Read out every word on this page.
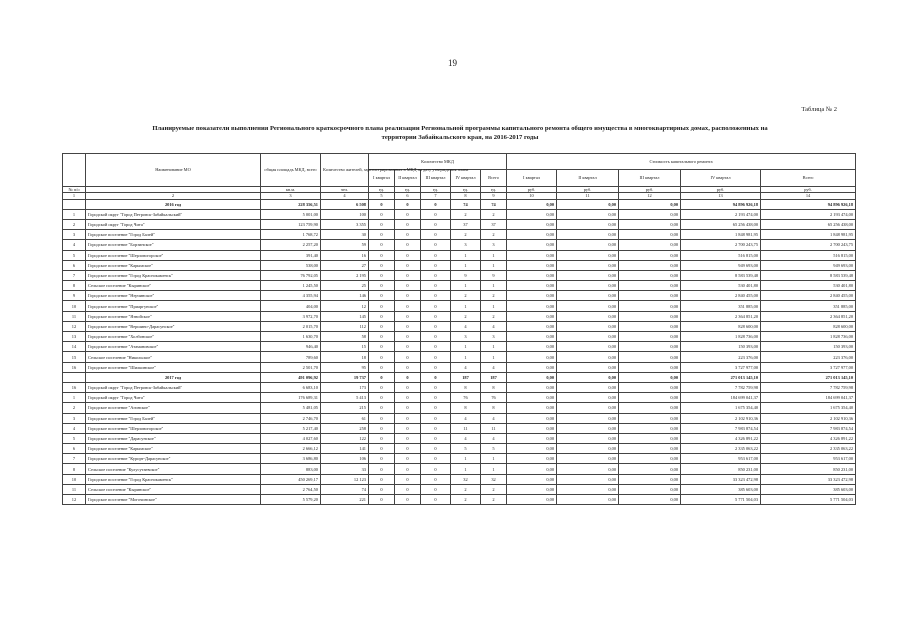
19
Таблица № 2
Планируемые показатели выполнения Регионального краткосрочного плана реализации Региональной программы капитального ремонта общего имущества в многоквартирных домах, расположенных на
территории Забайкальского края, на 2016-2017 годы
	Наименование МО	общая площадь МКД, всего	Количество жителей, зарегистрированных в МКД на дату утверждения плана	Количество МКД					Стоимость капитального ремонта				
				I квартал	II квартал	III квартал	IV квартал	Всего	I квартал	II квартал	III квартал	IV квартал	Всего
№ п/о		кв.м.	чел.	ед.	ед.	ед.	ед.	ед.	руб.	руб.	руб.	руб.	руб.
1	2	3	4	5	6	7	8	9	10	11	12	13	14
	2016 год	228 356,51	6 508	0	0	0	74	74	0,00	0,00	0,00	94 896 926,18	94 896 926,18
1	Городской округ "Город Петровск-Забайкальский"	5 001,00	100	0	0	0	2	2	0,00	0,00	0,00	2 193 474,00	2 193 474,00
2	Городской округ "Город Чита"	123 759,90	3 355	0	0	0	37	37	0,00	0,00	0,00	65 256 438,00	65 256 438,00
3	Городское поселение "Город Балей"	1 768,72	30	0	0	0	2	2	0,00	0,00	0,00	1 848 981,95	1 848 981,95
4	Городское поселение "Борзинское"	2 257,20	59	0	0	0	3	3	0,00	0,00	0,00	2 700 243,75	2 700 243,75
5	Городское поселение "Шерловогорское"	391,40	16	0	0	0	1	1	0,00	0,00	0,00	516 815,00	516 815,00
6	Городское поселение "Карымское"	538,00	27	0	0	0	1	1	0,00	0,00	0,00	949 693,00	949 693,00
7	Городское поселение "Город Краснокаменск"	76 792,05	2 195	0	0	0	9	9	0,00	0,00	0,00	8 583 539,48	8 583 539,48
8	Сельское поселение "Кыринское"	1 245,50	25	0	0	0	1	1	0,00	0,00	0,00	530 401,80	530 401,80
9	Городское поселение "Нерчинское"	4 355,94	146	0	0	0	2	2	0,00	0,00	0,00	2 840 455,00	2 840 455,00
10	Городское поселение "Приаргунское"	404,00	12	0	0	0	1	1	0,00	0,00	0,00	351 885,00	351 885,00
11	Городское поселение "Язнойское"	3 972,70	145	0	0	0	2	2	0,00	0,00	0,00	2 364 851,20	2 364 851,20
12	Городское поселение "Вершино-Дарасунское"	2 015,70	112	0	0	0	4	4	0,00	0,00	0,00	828 600,00	828 600,00
13	Городское поселение "Холбонское"	1 630,70	58	0	0	0	3	3	0,00	0,00	0,00	1 828 736,00	1 828 736,00
14	Городское поселение "Атамановское"	946,40	15	0	0	0	1	1	0,00	0,00	0,00	150 393,00	150 393,00
15	Сельское поселение "Никольское"	789,60	18	0	0	0	1	1	0,00	0,00	0,00	223 376,00	223 376,00
16	Городское поселение "Шилкинское"	2 501,70	95	0	0	0	4	4	0,00	0,00	0,00	3 727 977,00	3 727 977,00
	2017 год	491 096,92	19 737	0	0	0	187	187	0,00	0,00	0,00	271 013 145,10	271 013 145,10
16	Городской округ "Город Петровск-Забайкальский"	6 683,10	173	0	0	0	8	8	0,00	0,00	0,00	7 782 759,98	7 782 759,98
1	Городской округ "Город Чита"	176 689,31	5 413	0	0	0	76	76	0,00	0,00	0,00	184 699 041,37	184 699 041,37
2	Городское поселение "Агинское"	5 481,05	215	0	0	0	8	8	0,00	0,00	0,00	1 675 354,40	1 675 354,40
3	Городское поселение "Город Балей"	2 746,70	61	0	0	0	4	4	0,00	0,00	0,00	2 102 910,36	2 102 910,36
4	Городское поселение "Шерловогорское"	5 217,40	258	0	0	0	11	11	0,00	0,00	0,00	7 983 874,54	7 983 874,54
5	Городское поселение "Дарасунское"	4 027,60	122	0	0	0	4	4	0,00	0,00	0,00	4 326 891,22	4 326 891,22
6	Городское поселение "Карымское"	2 666,12	141	0	0	0	5	5	0,00	0,00	0,00	2 335 063,22	2 335 063,22
7	Городское поселение "Курорт-Дарасунское"	3 686,80	106	0	0	0	1	1	0,00	0,00	0,00	953 617,00	953 617,00
8	Сельское поселение "Кулусутаевское"	883,00	33	0	0	0	1	1	0,00	0,00	0,00	850 231,00	850 231,00
10	Городское поселение "Город Краснокаменск"	450 269,17	12 123	0	0	0	32	32	0,00	0,00	0,00	33 323 472,98	33 323 472,98
11	Сельское поселение "Кыринское"	2 764,50	74	0	0	0	2	2	0,00	0,00	0,00	385 603,00	385 603,00
12	Городское поселение "Могочинское"	5 579,20	221	0	0	0	2	2	0,00	0,00	0,00	5 771 504,03	5 771 504,03
